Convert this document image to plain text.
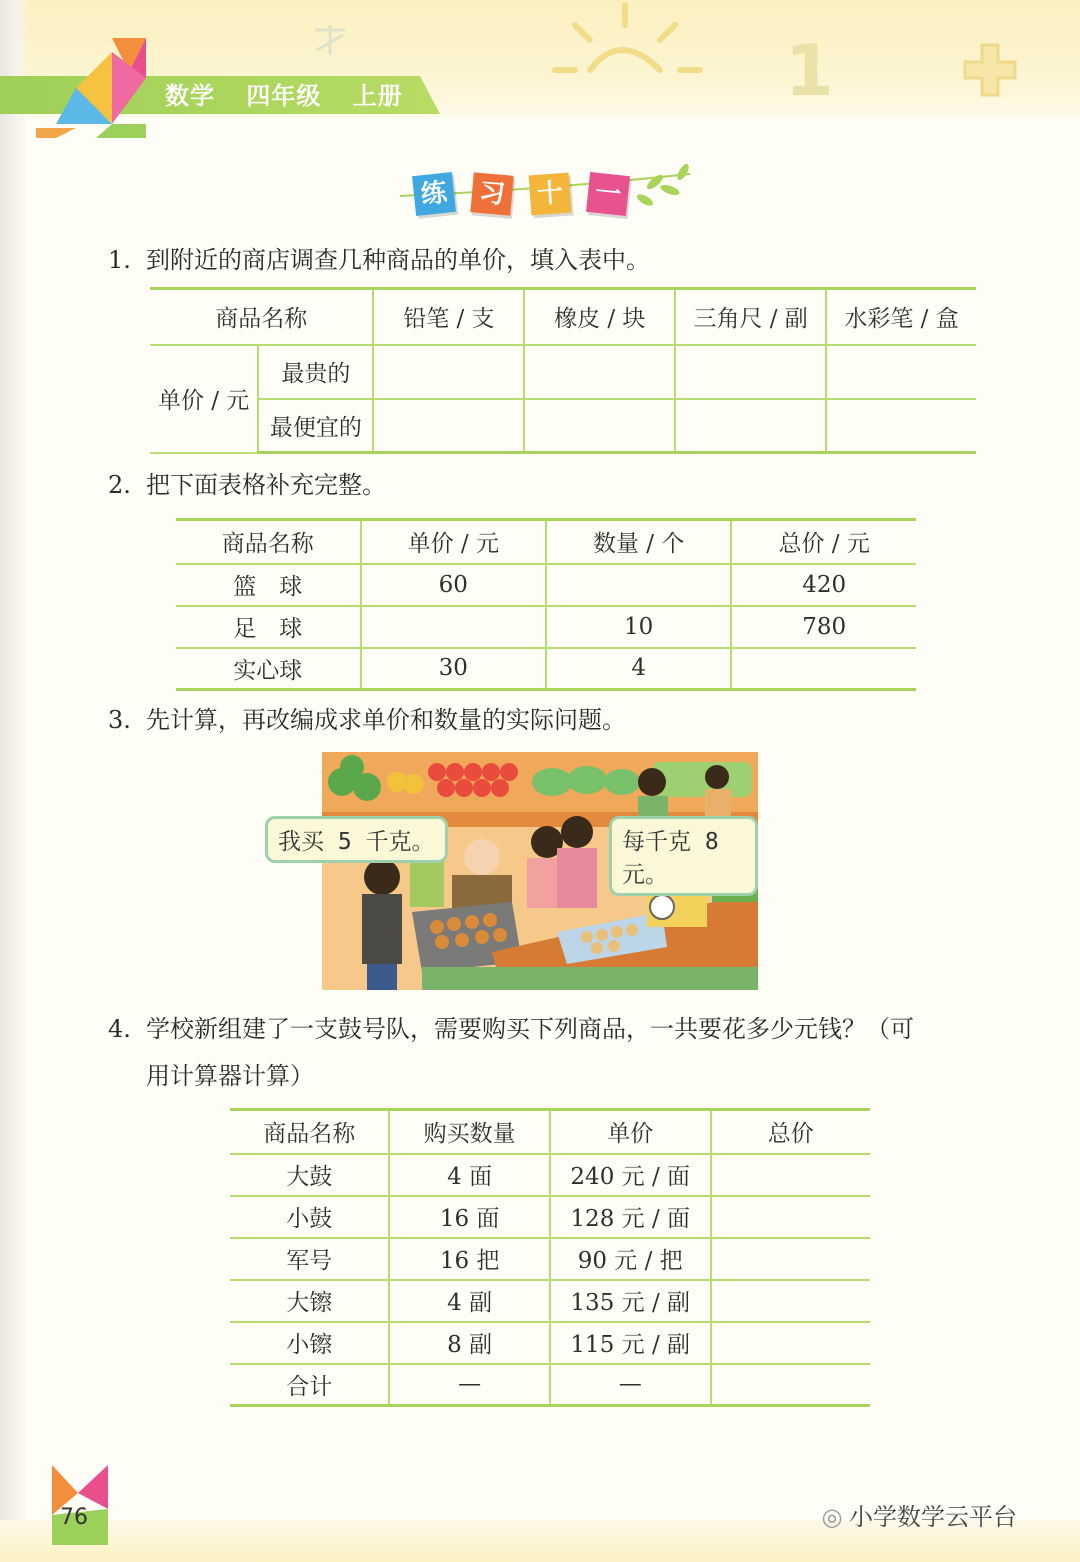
1
数学 四年级 上册
练 习 十 一
1. 到附近的商店调查几种商品的单价，填入表中。
商品名称		铅笔 / 支	橡皮 / 块	三角尺 / 副	水彩笔 / 盒
单价 / 元	最贵的				
	最便宜的				
2. 把下面表格补充完整。
商品名称	单价 / 元	数量 / 个	总价 / 元
篮　球	60		420
足　球		10	780
实心球	30	4	
3. 先计算，再改编成求单价和数量的实际问题。
我买 5 千克。	每千克 8 元。
4. 学校新组建了一支鼓号队，需要购买下列商品，一共要花多少元钱？（可
用计算器计算）
商品名称	购买数量	单价	总价
大鼓	4 面	240 元 / 面	
小鼓	16 面	128 元 / 面	
军号	16 把	90 元 / 把	
大镲	4 副	135 元 / 副	
小镲	8 副	115 元 / 副	
合计	—	—	
76	◎ 小学数学云平台
